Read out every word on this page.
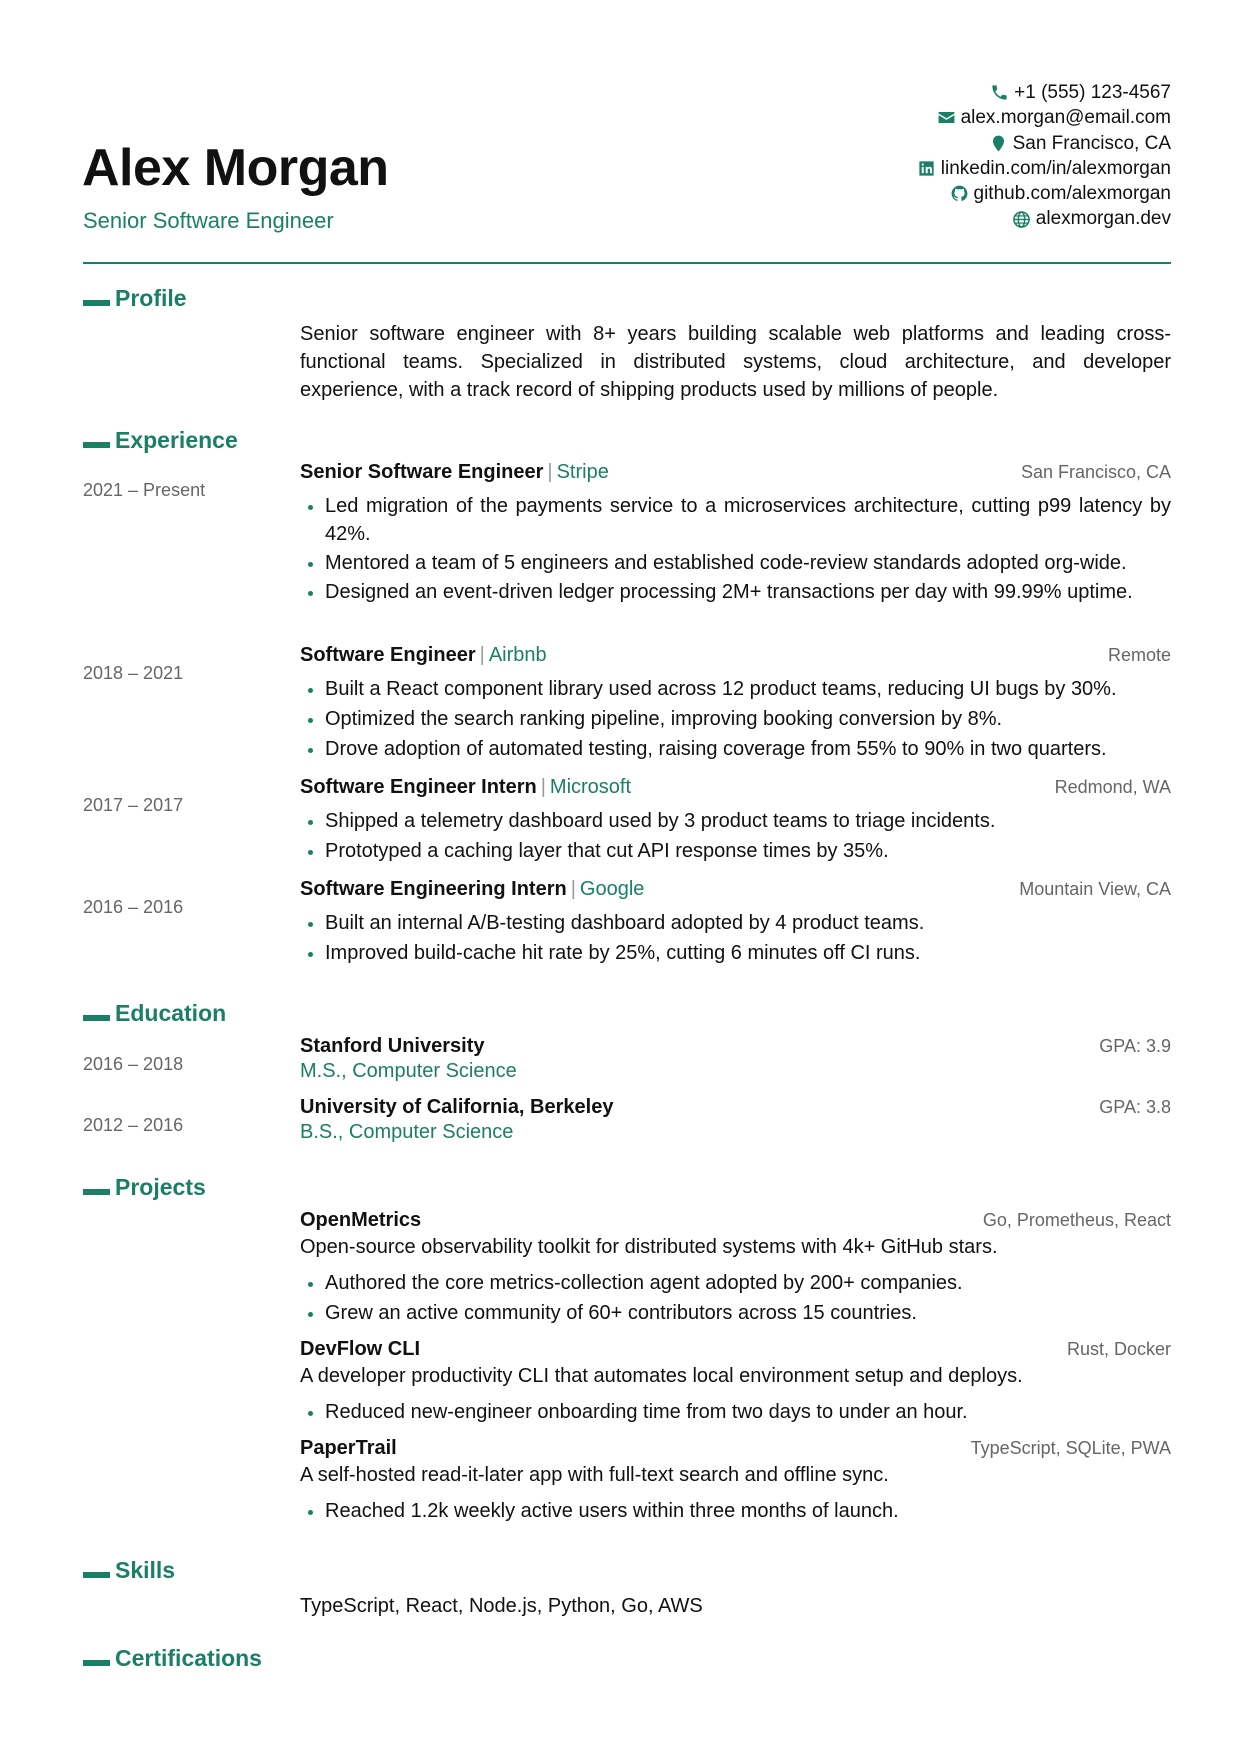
Alex Morgan
Senior Software Engineer
+1 (555) 123-4567
alex.morgan@email.com
San Francisco, CA
linkedin.com/in/alexmorgan
github.com/alexmorgan
alexmorgan.dev
Profile
Senior software engineer with 8+ years building scalable web platforms and leading cross-functional teams. Specialized in distributed systems, cloud architecture, and developer experience, with a track record of shipping products used by millions of people.
Experience
2021 – Present
Senior Software Engineer | Stripe	San Francisco, CA
Led migration of the payments service to a microservices architecture, cutting p99 latency by 42%.
Mentored a team of 5 engineers and established code-review standards adopted org-wide.
Designed an event-driven ledger processing 2M+ transactions per day with 99.99% uptime.
2018 – 2021
Software Engineer | Airbnb	Remote
Built a React component library used across 12 product teams, reducing UI bugs by 30%.
Optimized the search ranking pipeline, improving booking conversion by 8%.
Drove adoption of automated testing, raising coverage from 55% to 90% in two quarters.
2017 – 2017
Software Engineer Intern | Microsoft	Redmond, WA
Shipped a telemetry dashboard used by 3 product teams to triage incidents.
Prototyped a caching layer that cut API response times by 35%.
2016 – 2016
Software Engineering Intern | Google	Mountain View, CA
Built an internal A/B-testing dashboard adopted by 4 product teams.
Improved build-cache hit rate by 25%, cutting 6 minutes off CI runs.
Education
2016 – 2018
Stanford University	GPA: 3.9
M.S., Computer Science
2012 – 2016
University of California, Berkeley	GPA: 3.8
B.S., Computer Science
Projects
OpenMetrics	Go, Prometheus, React
Open-source observability toolkit for distributed systems with 4k+ GitHub stars.
Authored the core metrics-collection agent adopted by 200+ companies.
Grew an active community of 60+ contributors across 15 countries.
DevFlow CLI	Rust, Docker
A developer productivity CLI that automates local environment setup and deploys.
Reduced new-engineer onboarding time from two days to under an hour.
PaperTrail	TypeScript, SQLite, PWA
A self-hosted read-it-later app with full-text search and offline sync.
Reached 1.2k weekly active users within three months of launch.
Skills
TypeScript, React, Node.js, Python, Go, AWS
Certifications
